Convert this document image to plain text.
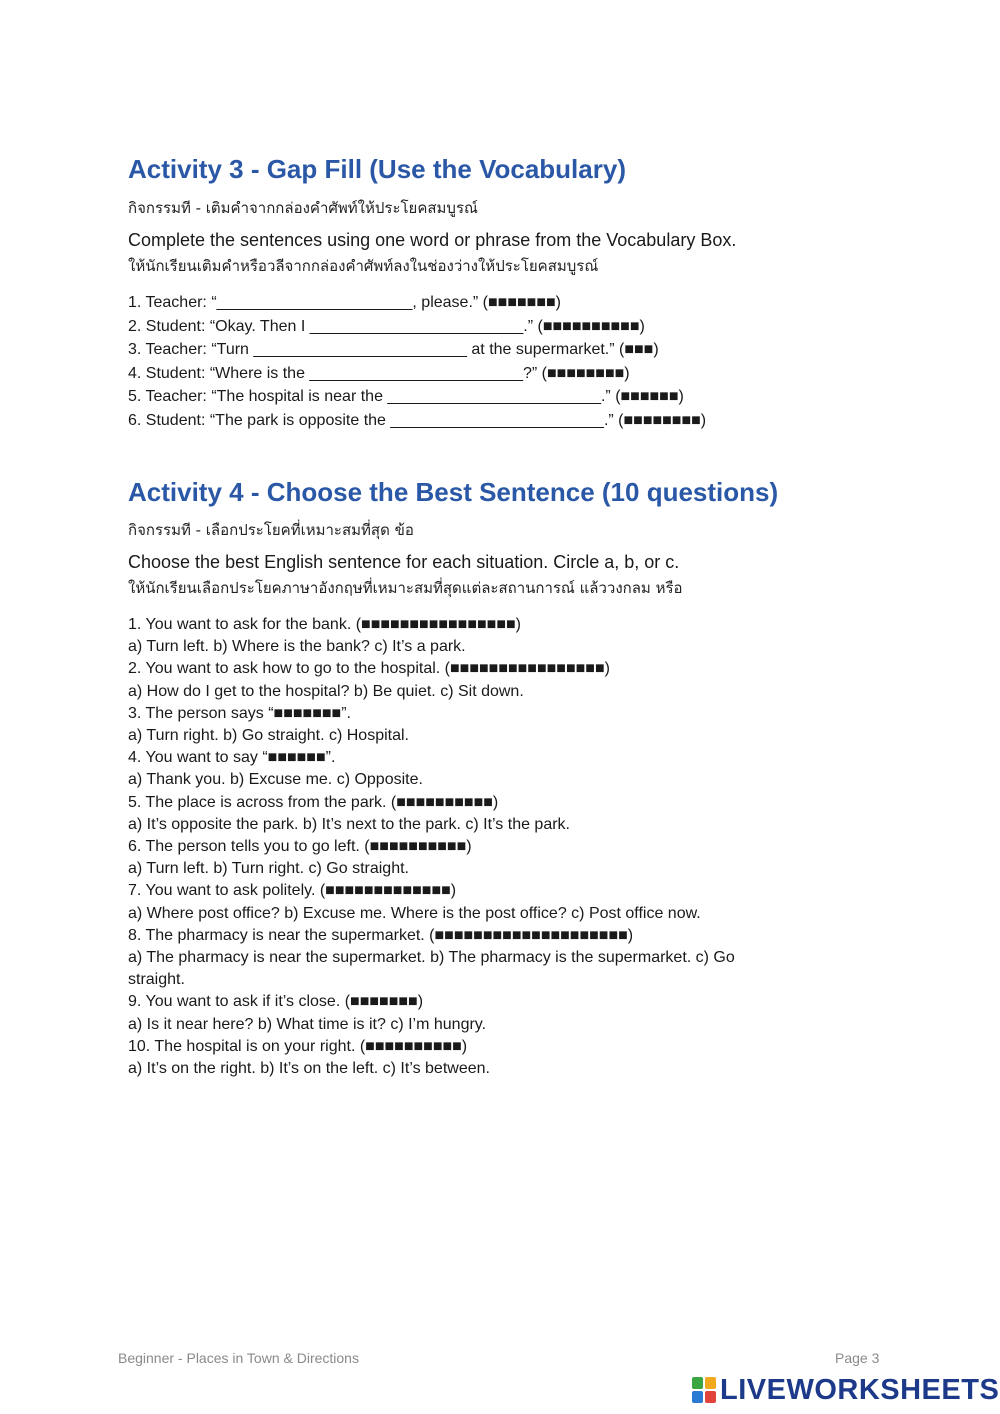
Activity 3 - Gap Fill (Use the Vocabulary)
กิจกรรมที - เติมคำจากกล่องคำศัพท์ให้ประโยคสมบูรณ์
Complete the sentences using one word or phrase from the Vocabulary Box.
ให้นักเรียนเติมคำหรือวลีจากกล่องคำศัพท์ลงในช่องว่างให้ประโยคสมบูรณ์
1. Teacher: “______________________, please.” (■■■■■■■)
2. Student: “Okay. Then I ________________________.” (■■■■■■■■■■)
3. Teacher: “Turn ________________________ at the supermarket.” (■■■)
4. Student: “Where is the ________________________?” (■■■■■■■■)
5. Teacher: “The hospital is near the ________________________.” (■■■■■■)
6. Student: “The park is opposite the ________________________.” (■■■■■■■■)
Activity 4 - Choose the Best Sentence (10 questions)
กิจกรรมที - เลือกประโยคที่เหมาะสมที่สุด ข้อ
Choose the best English sentence for each situation. Circle a, b, or c.
ให้นักเรียนเลือกประโยคภาษาอังกฤษที่เหมาะสมที่สุดแต่ละสถานการณ์ แล้ววงกลม หรือ
1. You want to ask for the bank. (■■■■■■■■■■■■■■■■)
a) Turn left. b) Where is the bank? c) It’s a park.
2. You want to ask how to go to the hospital. (■■■■■■■■■■■■■■■■)
a) How do I get to the hospital? b) Be quiet. c) Sit down.
3. The person says “■■■■■■■”.
a) Turn right. b) Go straight. c) Hospital.
4. You want to say “■■■■■■”.
a) Thank you. b) Excuse me. c) Opposite.
5. The place is across from the park. (■■■■■■■■■■)
a) It’s opposite the park. b) It’s next to the park. c) It’s the park.
6. The person tells you to go left. (■■■■■■■■■■)
a) Turn left. b) Turn right. c) Go straight.
7. You want to ask politely. (■■■■■■■■■■■■■)
a) Where post office? b) Excuse me. Where is the post office? c) Post office now.
8. The pharmacy is near the supermarket. (■■■■■■■■■■■■■■■■■■■■)
a) The pharmacy is near the supermarket. b) The pharmacy is the supermarket. c) Go
straight.
9. You want to ask if it’s close. (■■■■■■■)
a) Is it near here? b) What time is it? c) I’m hungry.
10. The hospital is on your right. (■■■■■■■■■■)
a) It’s on the right. b) It’s on the left. c) It’s between.
Beginner - Places in Town & Directions	Page 3
LIVEWORKSHEETS
